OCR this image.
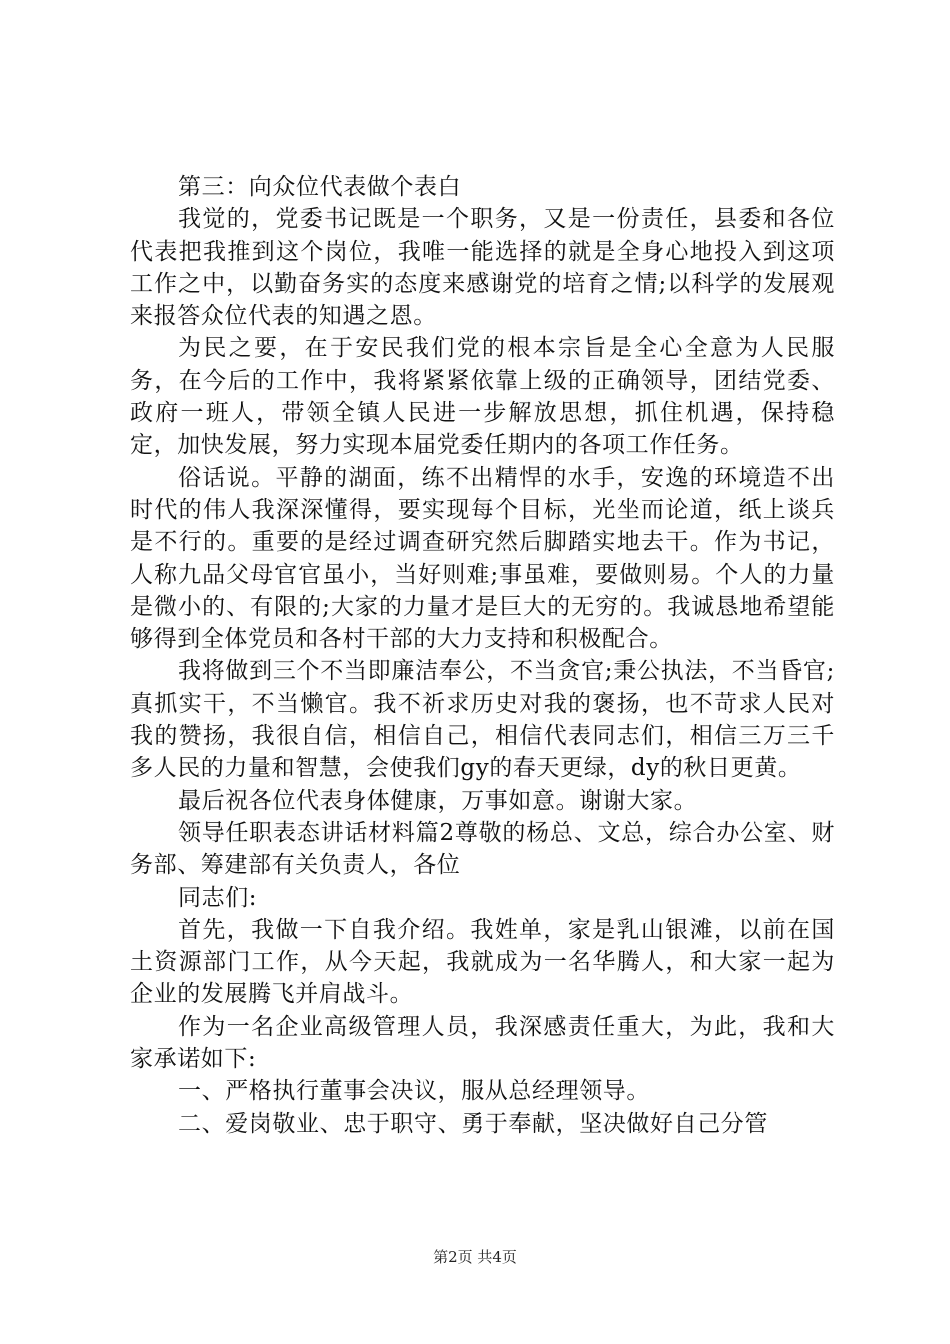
第三：向众位代表做个表白

我觉的，党委书记既是一个职务，又是一份责任，县委和各位代表把我推到这个岗位，我唯一能选择的就是全身心地投入到这项工作之中，以勤奋务实的态度来感谢党的培育之情;以科学的发展观来报答众位代表的知遇之恩。

为民之要，在于安民我们党的根本宗旨是全心全意为人民服务，在今后的工作中，我将紧紧依靠上级的正确领导，团结党委、政府一班人，带领全镇人民进一步解放思想，抓住机遇，保持稳定，加快发展，努力实现本届党委任期内的各项工作任务。

俗话说。平静的湖面，练不出精悍的水手，安逸的环境造不出时代的伟人我深深懂得，要实现每个目标，光坐而论道，纸上谈兵是不行的。重要的是经过调查研究然后脚踏实地去干。作为书记，人称九品父母官官虽小，当好则难;事虽难，要做则易。个人的力量是微小的、有限的;大家的力量才是巨大的无穷的。我诚恳地希望能够得到全体党员和各村干部的大力支持和积极配合。

我将做到三个不当即廉洁奉公，不当贪官;秉公执法，不当昏官;真抓实干，不当懒官。我不祈求历史对我的褒扬，也不苛求人民对我的赞扬，我很自信，相信自己，相信代表同志们，相信三万三千多人民的力量和智慧，会使我们gy的春天更绿，dy的秋日更黄。

最后祝各位代表身体健康，万事如意。谢谢大家。

领导任职表态讲话材料篇2尊敬的杨总、文总，综合办公室、财务部、筹建部有关负责人，各位

同志们:

首先，我做一下自我介绍。我姓单，家是乳山银滩，以前在国土资源部门工作，从今天起，我就成为一名华腾人，和大家一起为企业的发展腾飞并肩战斗。

作为一名企业高级管理人员，我深感责任重大，为此，我和大家承诺如下:

一、严格执行董事会决议，服从总经理领导。

二、爱岗敬业、忠于职守、勇于奉献，坚决做好自己分管

第2页 共4页
